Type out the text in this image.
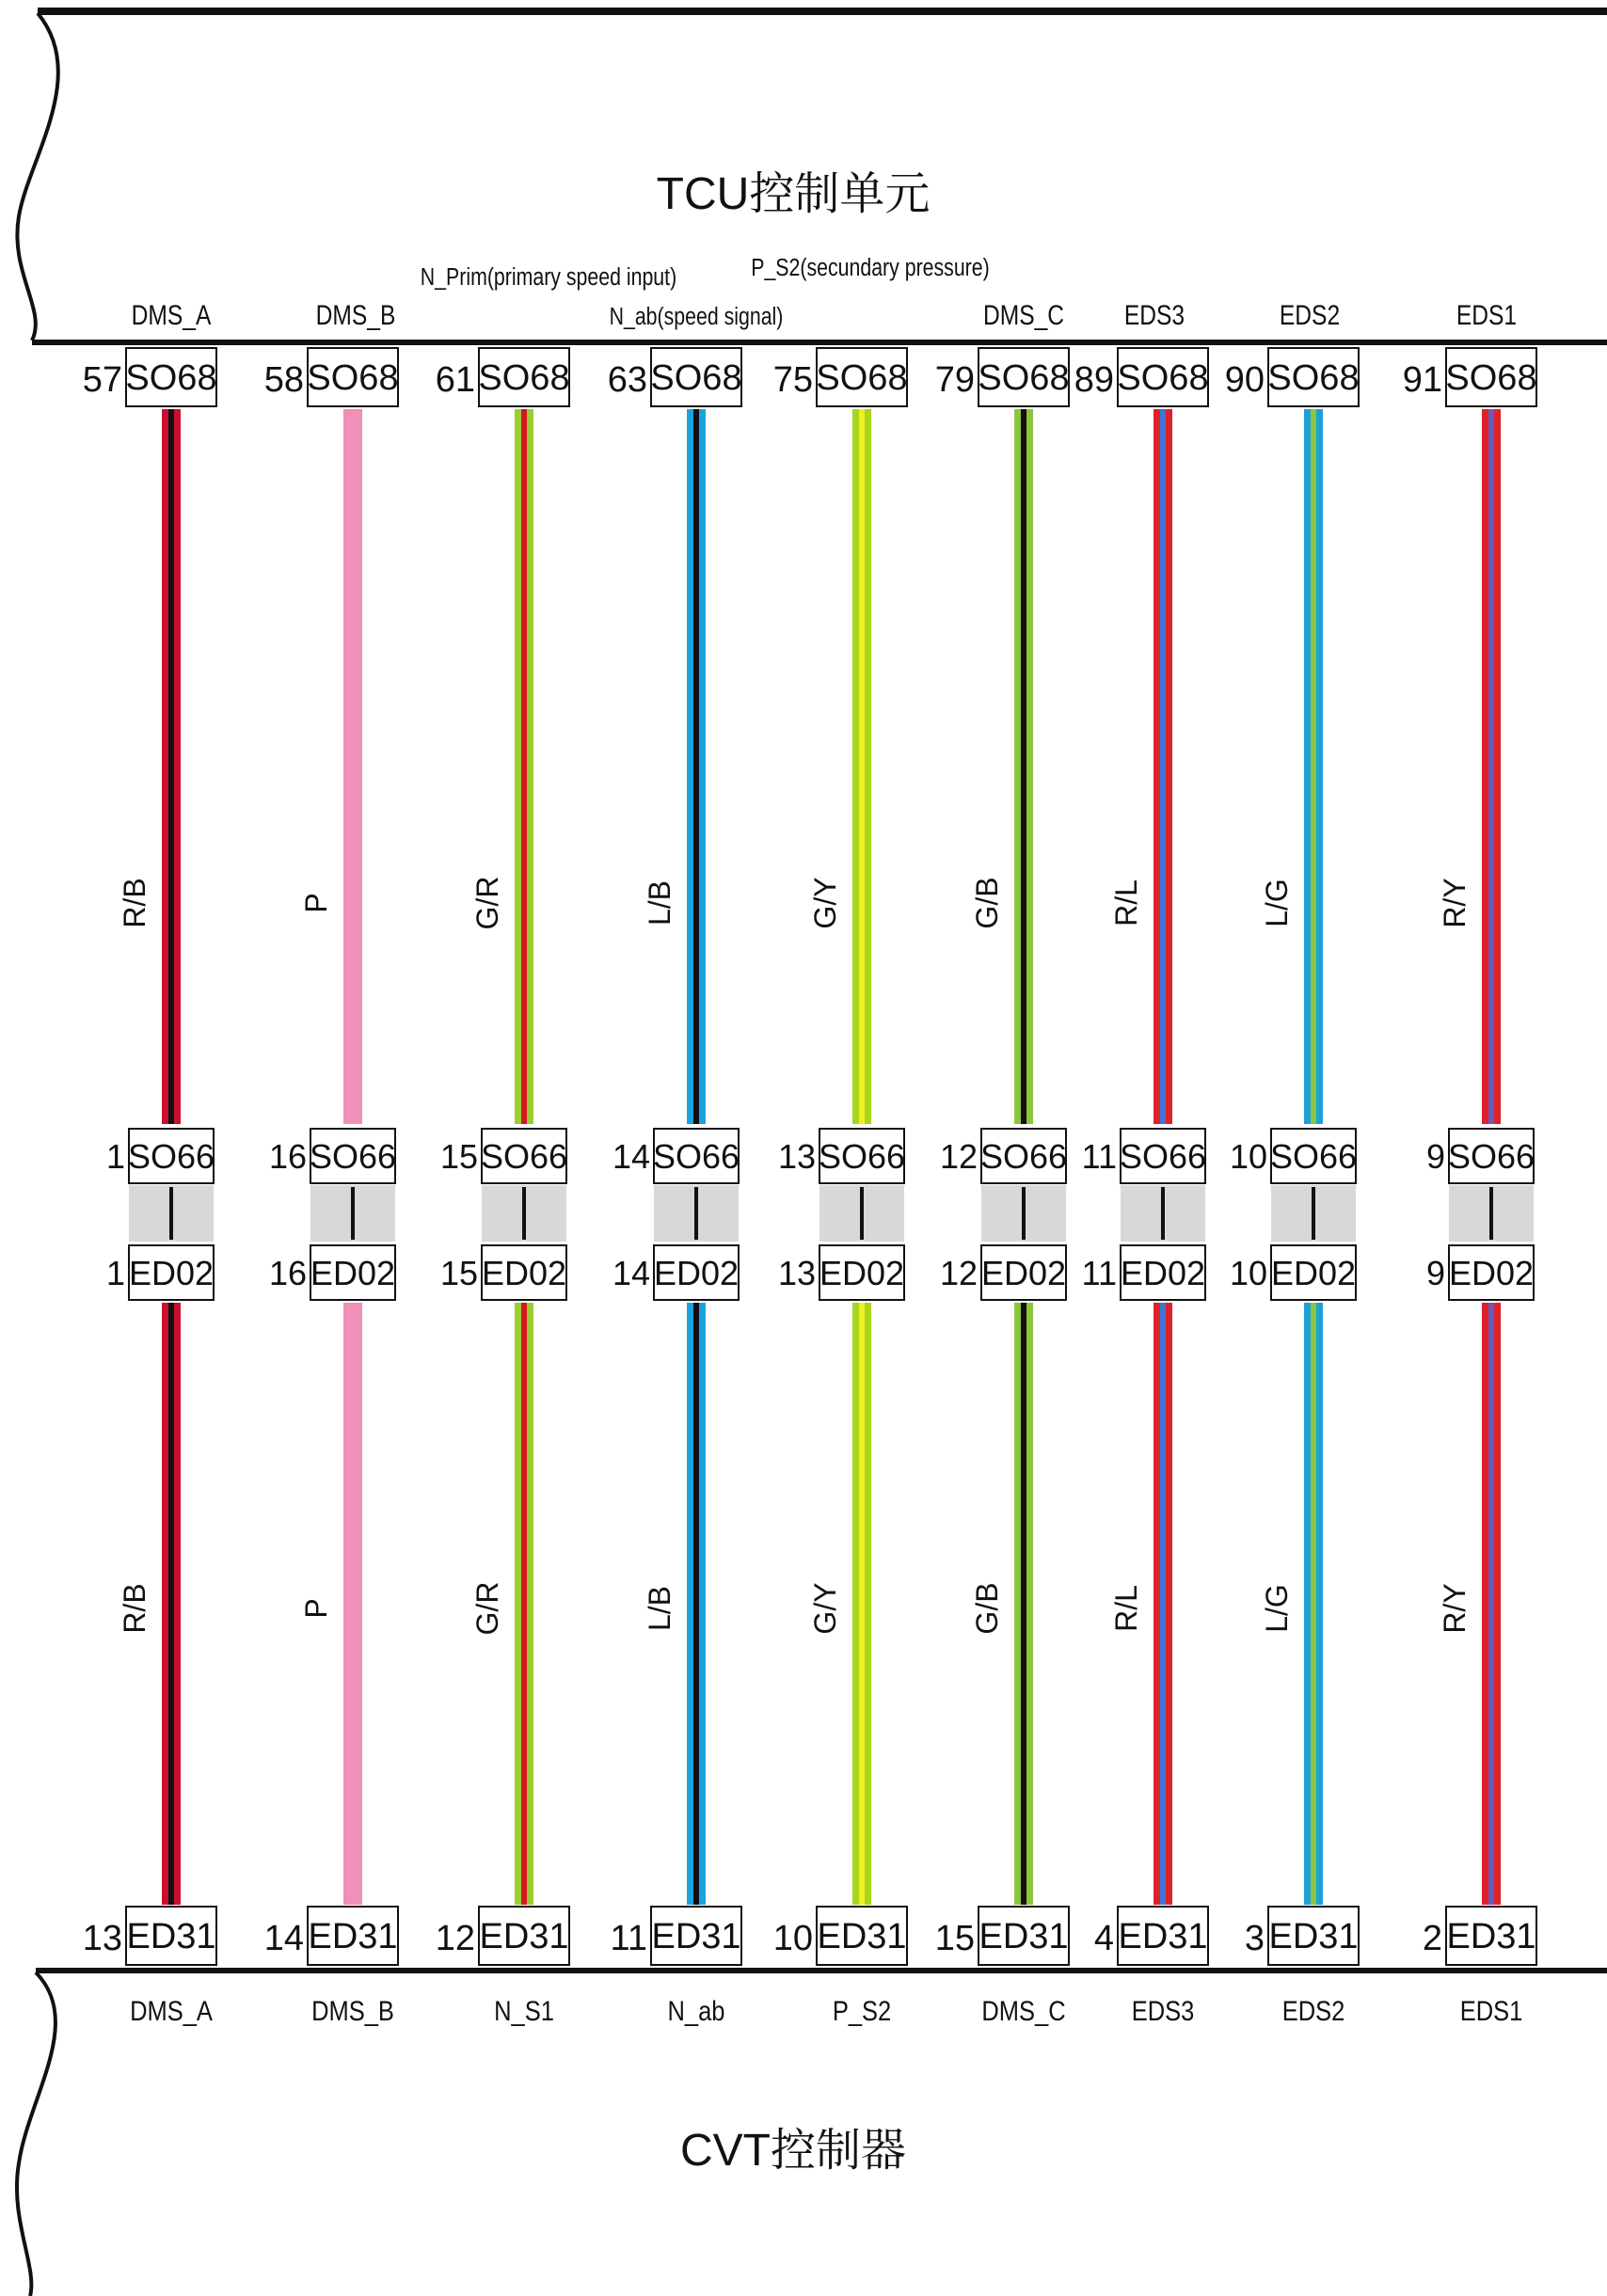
TCU控制单元
CVT控制器
R/B
R/B
DMS_A
SO68
57
SO66
1
ED02
1
ED31
13
DMS_A
P
P
DMS_B
SO68
58
SO66
16
ED02
16
ED31
14
DMS_B
G/R
G/R
N_Prim(primary speed input)
SO68
61
SO66
15
ED02
15
ED31
12
N_S1
L/B
L/B
N_ab(speed signal)
SO68
63
SO66
14
ED02
14
ED31
11
N_ab
G/Y
G/Y
P_S2(secundary pressure)
SO68
75
SO66
13
ED02
13
ED31
10
P_S2
G/B
G/B
DMS_C
SO68
79
SO66
12
ED02
12
ED31
15
DMS_C
R/L
R/L
EDS3
SO68
89
SO66
11
ED02
11
ED31
4
EDS3
L/G
L/G
EDS2
SO68
90
SO66
10
ED02
10
ED31
3
EDS2
R/Y
R/Y
EDS1
SO68
91
SO66
9
ED02
9
ED31
2
EDS1
